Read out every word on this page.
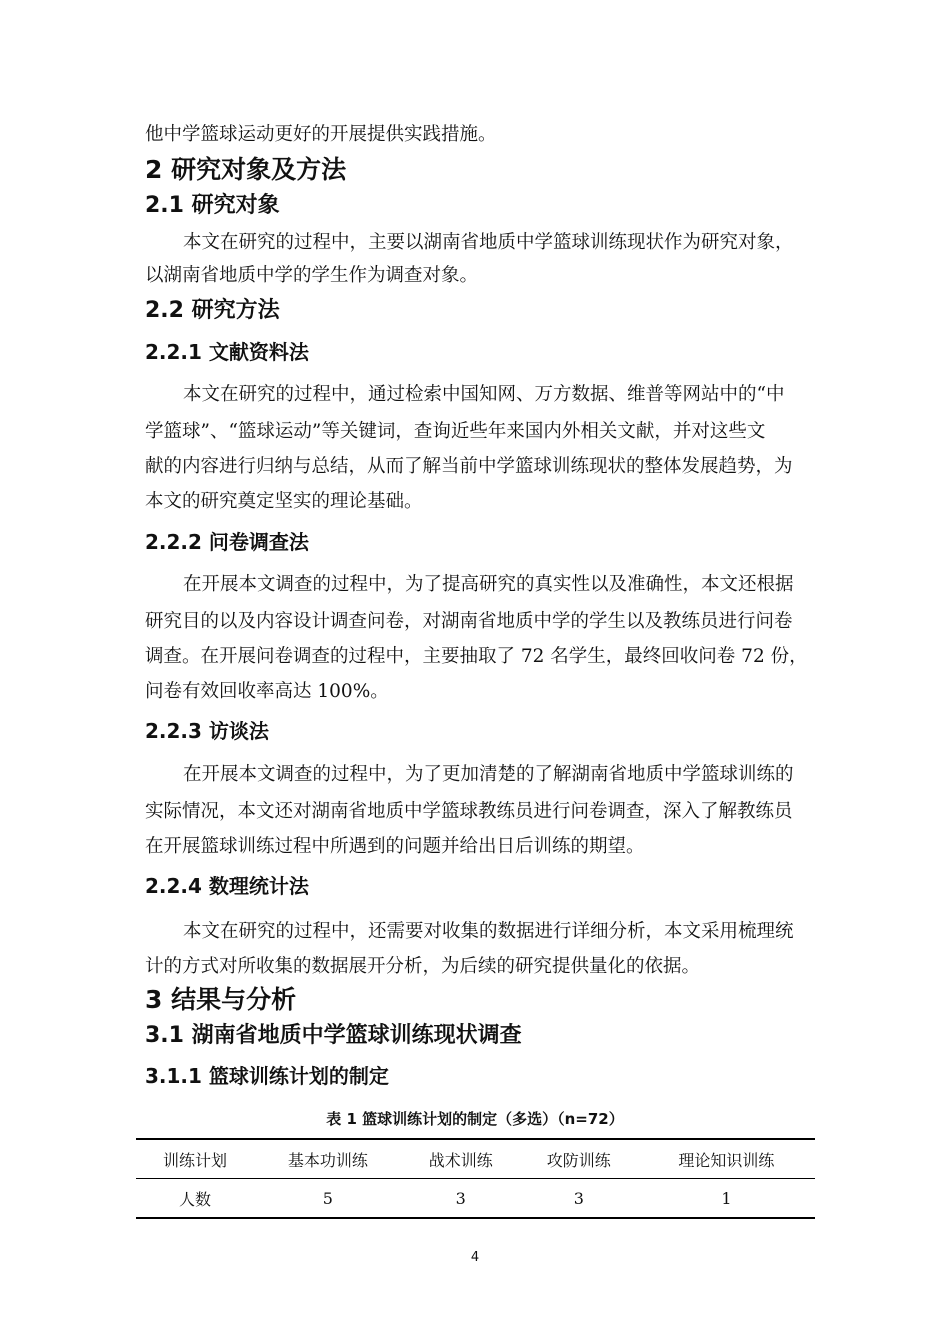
他中学篮球运动更好的开展提供实践措施。
2 研究对象及方法
2.1 研究对象
本文在研究的过程中，主要以湖南省地质中学篮球训练现状作为研究对象，
以湖南省地质中学的学生作为调查对象。
2.2 研究方法
2.2.1 文献资料法
本文在研究的过程中，通过检索中国知网、万方数据、维普等网站中的“中
学篮球”、“篮球运动”等关键词，查询近些年来国内外相关文献，并对这些文
献的内容进行归纳与总结，从而了解当前中学篮球训练现状的整体发展趋势，为
本文的研究奠定坚实的理论基础。
2.2.2 问卷调查法
在开展本文调查的过程中，为了提高研究的真实性以及准确性，本文还根据
研究目的以及内容设计调查问卷，对湖南省地质中学的学生以及教练员进行问卷
调查。在开展问卷调查的过程中，主要抽取了 72 名学生，最终回收问卷 72 份，
问卷有效回收率高达 100%。
2.2.3 访谈法
在开展本文调查的过程中，为了更加清楚的了解湖南省地质中学篮球训练的
实际情况，本文还对湖南省地质中学篮球教练员进行问卷调查，深入了解教练员
在开展篮球训练过程中所遇到的问题并给出日后训练的期望。
2.2.4 数理统计法
本文在研究的过程中，还需要对收集的数据进行详细分析，本文采用梳理统
计的方式对所收集的数据展开分析，为后续的研究提供量化的依据。
3 结果与分析
3.1 湖南省地质中学篮球训练现状调查
3.1.1 篮球训练计划的制定
表 1 篮球训练计划的制定（多选）（n=72）
训练计划	基本功训练	战术训练	攻防训练	理论知识训练
人数	5	3	3	1
4
